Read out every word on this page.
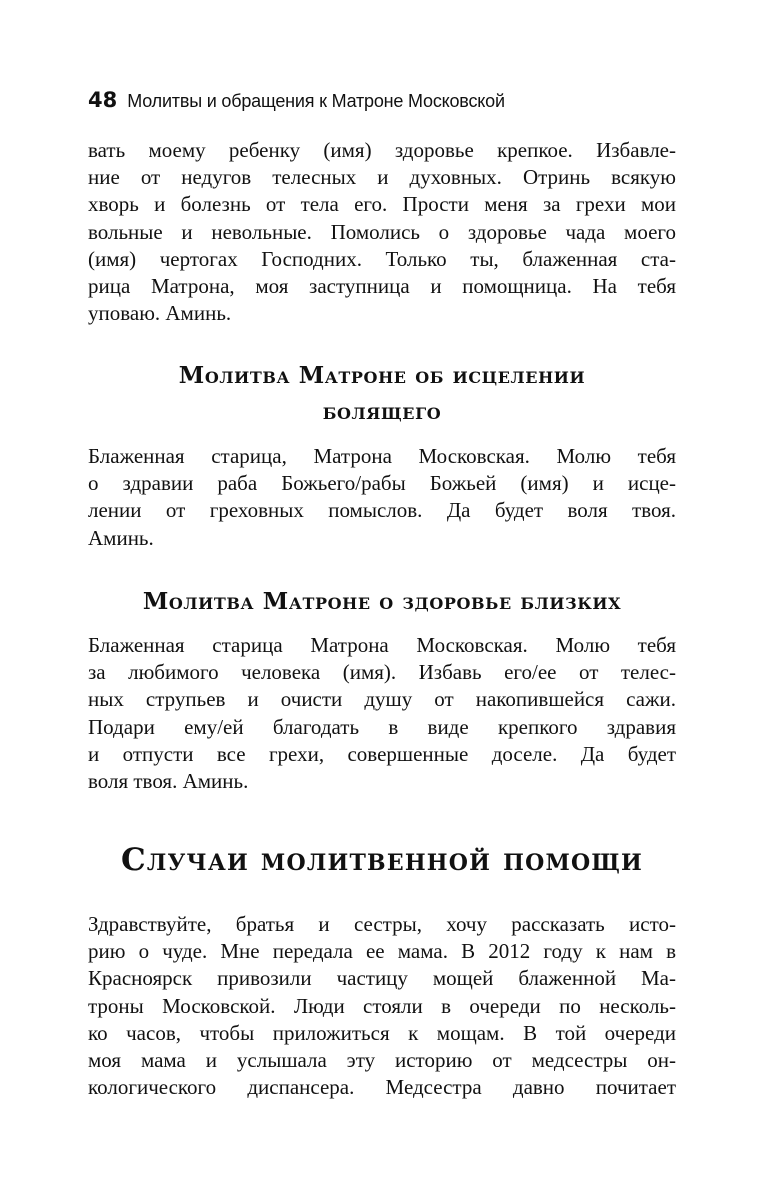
48 Молитвы и обращения к Матроне Московской
вать моему ребенку (имя) здоровье крепкое. Избавле-
ние от недугов телесных и духовных. Отринь всякую
хворь и болезнь от тела его. Прости меня за грехи мои
вольные и невольные. Помолись о здоровье чада моего
(имя) чертогах Господних. Только ты, блаженная ста-
рица Матрона, моя заступница и помощница. На тебя
уповаю. Аминь.
Молитва Матроне об исцелении
болящего
Блаженная старица, Матрона Московская. Молю тебя
о здравии раба Божьего/рабы Божьей (имя) и исце-
лении от греховных помыслов. Да будет воля твоя.
Аминь.
Молитва Матроне о здоровье близких
Блаженная старица Матрона Московская. Молю тебя
за любимого человека (имя). Избавь его/ее от телес-
ных струпьев и очисти душу от накопившейся сажи.
Подари ему/ей благодать в виде крепкого здравия
и отпусти все грехи, совершенные доселе. Да будет
воля твоя. Аминь.
Случаи молитвенной помощи
Здравствуйте, братья и сестры, хочу рассказать исто-
рию о чуде. Мне передала ее мама. В 2012 году к нам в
Красноярск привозили частицу мощей блаженной Ма-
троны Московской. Люди стояли в очереди по несколь-
ко часов, чтобы приложиться к мощам. В той очереди
моя мама и услышала эту историю от медсестры он-
кологического диспансера. Медсестра давно почитает
